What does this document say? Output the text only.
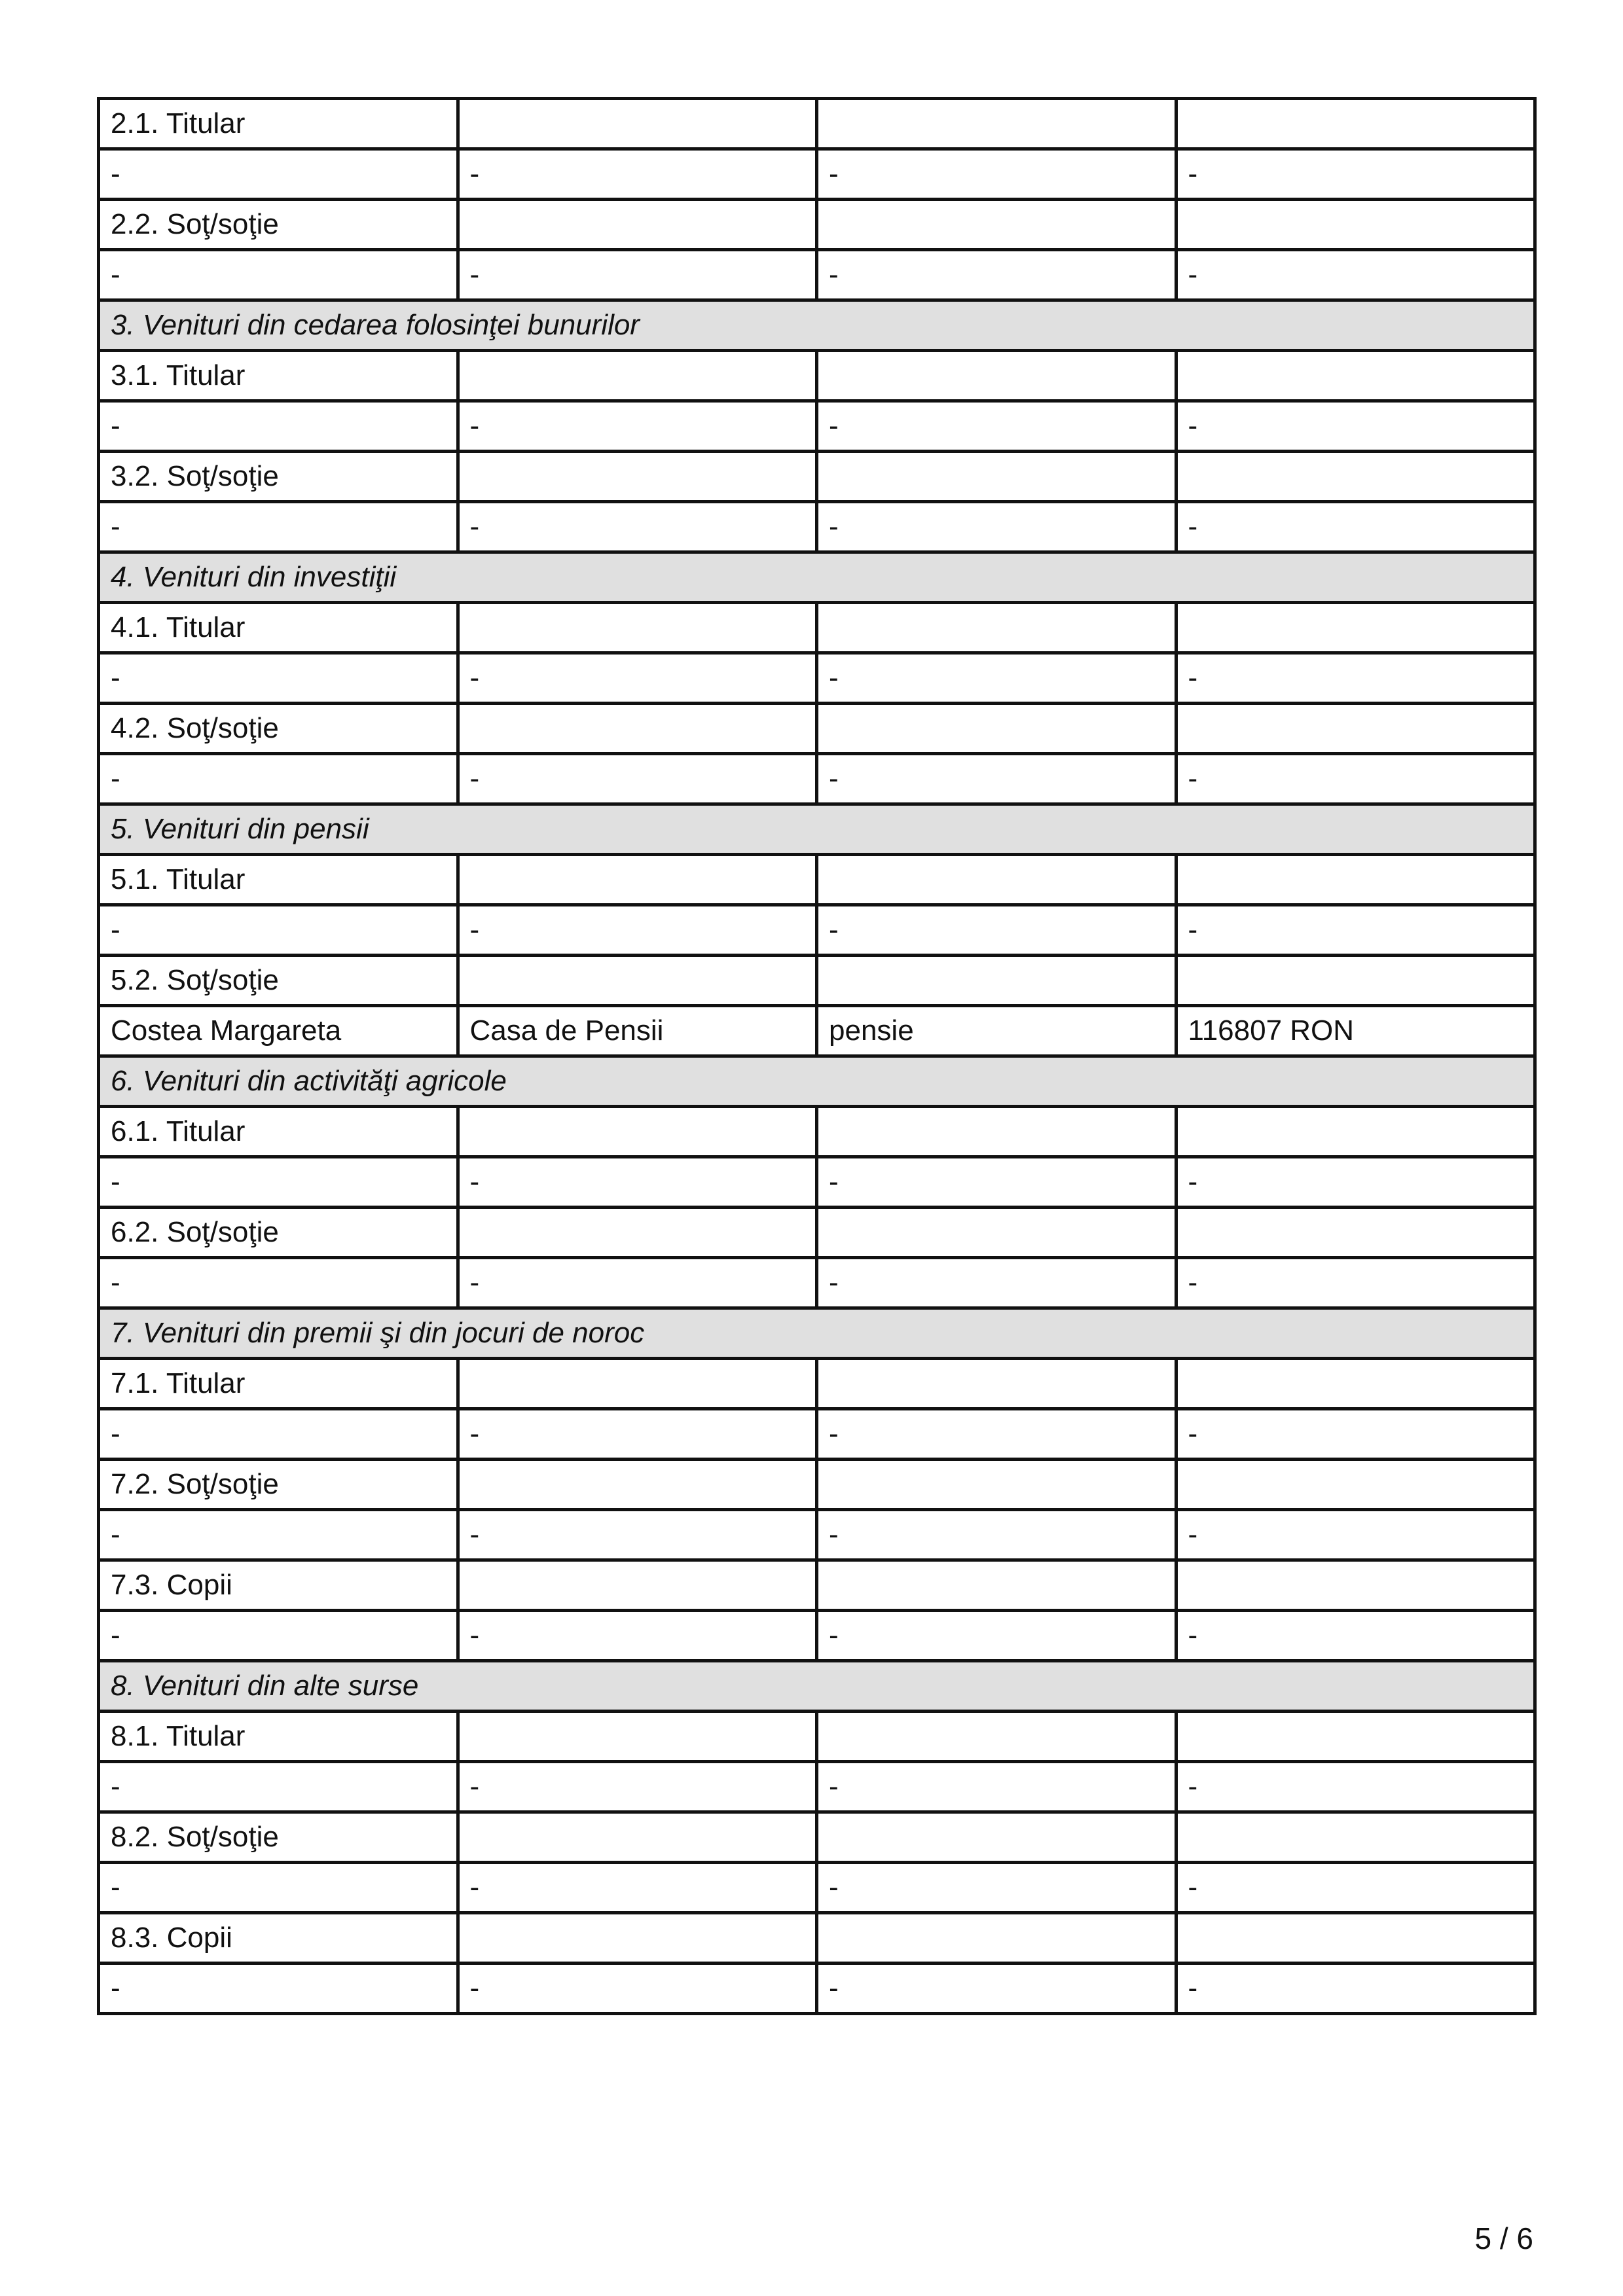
2.1. Titular			
-	-	-	-
2.2. Soţ/soţie			
-	-	-	-
3. Venituri din cedarea folosinţei bunurilor			
3.1. Titular			
-	-	-	-
3.2. Soţ/soţie			
-	-	-	-
4. Venituri din investiţii			
4.1. Titular			
-	-	-	-
4.2. Soţ/soţie			
-	-	-	-
5. Venituri din pensii			
5.1. Titular			
-	-	-	-
5.2. Soţ/soţie			
Costea Margareta	Casa de Pensii	pensie	116807 RON
6. Venituri din activităţi agricole			
6.1. Titular			
-	-	-	-
6.2. Soţ/soţie			
-	-	-	-
7. Venituri din premii şi din jocuri de noroc			
7.1. Titular			
-	-	-	-
7.2. Soţ/soţie			
-	-	-	-
7.3. Copii			
-	-	-	-
8. Venituri din alte surse			
8.1. Titular			
-	-	-	-
8.2. Soţ/soţie			
-	-	-	-
8.3. Copii			
-	-	-	-
5 / 6
